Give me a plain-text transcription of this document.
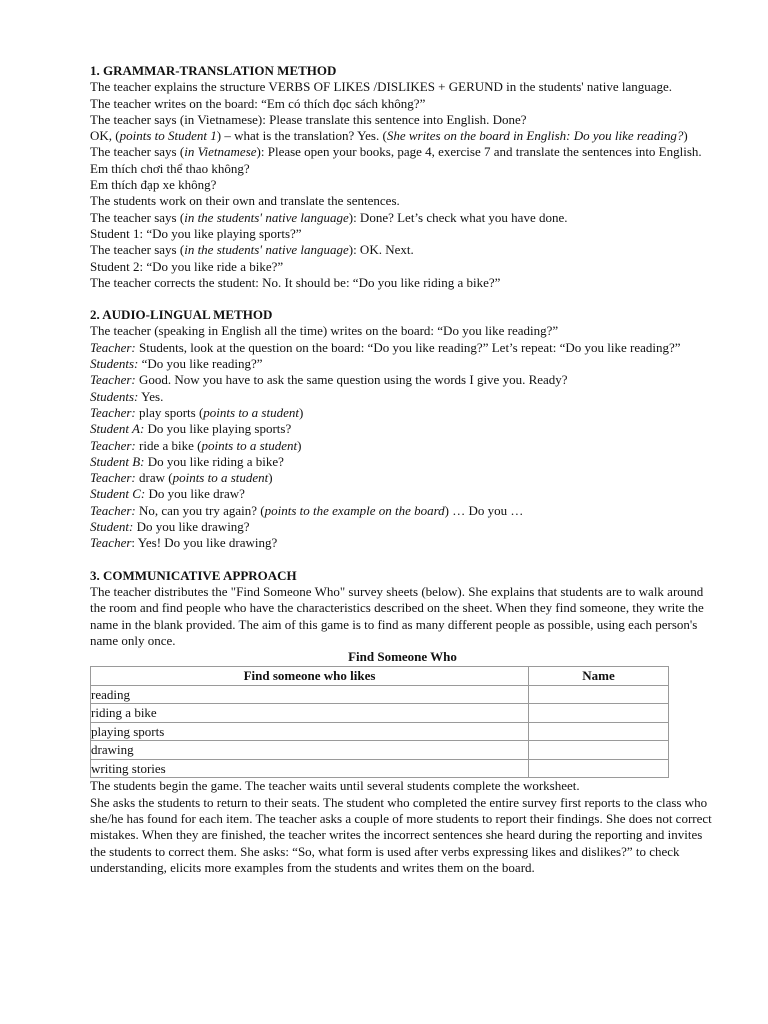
1. GRAMMAR-TRANSLATION METHOD
The teacher explains the structure VERBS OF LIKES /DISLIKES + GERUND in the students' native language.
The teacher writes on the board: “Em có thích đọc sách không?”
The teacher says (in Vietnamese): Please translate this sentence into English. Done?
OK, (points to Student 1) – what is the translation? Yes. (She writes on the board in English: Do you like reading?)
The teacher says (in Vietnamese): Please open your books, page 4, exercise 7 and translate the sentences into English.
Em thích chơi thể thao không?
Em thích đạp xe không?
The students work on their own and translate the sentences.
The teacher says (in the students' native language): Done? Let’s check what you have done.
Student 1: “Do you like playing sports?”
The teacher says (in the students' native language): OK. Next.
Student 2: “Do you like ride a bike?”
The teacher corrects the student: No. It should be: “Do you like riding a bike?”
2. AUDIO-LINGUAL METHOD
The teacher (speaking in English all the time) writes on the board: “Do you like reading?”
Teacher: Students, look at the question on the board: “Do you like reading?” Let’s repeat: “Do you like reading?”
Students: “Do you like reading?”
Teacher: Good. Now you have to ask the same question using the words I give you. Ready?
Students: Yes.
Teacher: play sports (points to a student)
Student A: Do you like playing sports?
Teacher: ride a bike (points to a student)
Student B: Do you like riding a bike?
Teacher: draw (points to a student)
Student C: Do you like draw?
Teacher: No, can you try again? (points to the example on the board) … Do you …
Student: Do you like drawing?
Teacher: Yes! Do you like drawing?
3. COMMUNICATIVE APPROACH
The teacher distributes the "Find Someone Who" survey sheets (below). She explains that students are to walk around the room and find people who have the characteristics described on the sheet. When they find someone, they write the name in the blank provided. The aim of this game is to find as many different people as possible, using each person's name only once.
Find Someone Who
Find someone who likes	Name
reading	
riding a bike	
playing sports	
drawing	
writing stories	
The students begin the game. The teacher waits until several students complete the worksheet.
She asks the students to return to their seats. The student who completed the entire survey first reports to the class who she/he has found for each item. The teacher asks a couple of more students to report their findings. She does not correct mistakes. When they are finished, the teacher writes the incorrect sentences she heard during the reporting and invites the students to correct them. She asks: “So, what form is used after verbs expressing likes and dislikes?” to check understanding, elicits more examples from the students and writes them on the board.
